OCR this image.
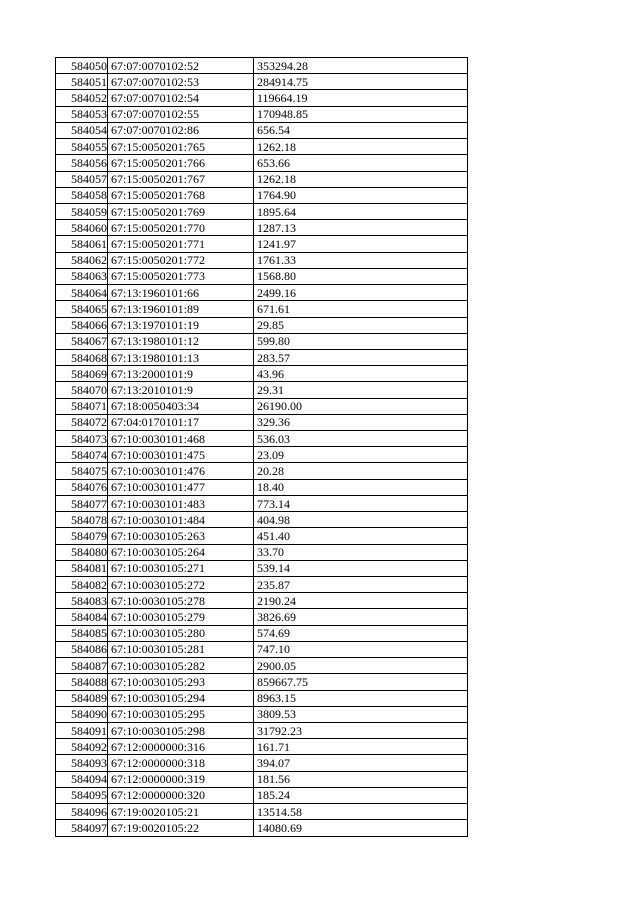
584050	67:07:0070102:52	353294.28
584051	67:07:0070102:53	284914.75
584052	67:07:0070102:54	119664.19
584053	67:07:0070102:55	170948.85
584054	67:07:0070102:86	656.54
584055	67:15:0050201:765	1262.18
584056	67:15:0050201:766	653.66
584057	67:15:0050201:767	1262.18
584058	67:15:0050201:768	1764.90
584059	67:15:0050201:769	1895.64
584060	67:15:0050201:770	1287.13
584061	67:15:0050201:771	1241.97
584062	67:15:0050201:772	1761.33
584063	67:15:0050201:773	1568.80
584064	67:13:1960101:66	2499.16
584065	67:13:1960101:89	671.61
584066	67:13:1970101:19	29.85
584067	67:13:1980101:12	599.80
584068	67:13:1980101:13	283.57
584069	67:13:2000101:9	43.96
584070	67:13:2010101:9	29.31
584071	67:18:0050403:34	26190.00
584072	67:04:0170101:17	329.36
584073	67:10:0030101:468	536.03
584074	67:10:0030101:475	23.09
584075	67:10:0030101:476	20.28
584076	67:10:0030101:477	18.40
584077	67:10:0030101:483	773.14
584078	67:10:0030101:484	404.98
584079	67:10:0030105:263	451.40
584080	67:10:0030105:264	33.70
584081	67:10:0030105:271	539.14
584082	67:10:0030105:272	235.87
584083	67:10:0030105:278	2190.24
584084	67:10:0030105:279	3826.69
584085	67:10:0030105:280	574.69
584086	67:10:0030105:281	747.10
584087	67:10:0030105:282	2900.05
584088	67:10:0030105:293	859667.75
584089	67:10:0030105:294	8963.15
584090	67:10:0030105:295	3809.53
584091	67:10:0030105:298	31792.23
584092	67:12:0000000:316	161.71
584093	67:12:0000000:318	394.07
584094	67:12:0000000:319	181.56
584095	67:12:0000000:320	185.24
584096	67:19:0020105:21	13514.58
584097	67:19:0020105:22	14080.69
